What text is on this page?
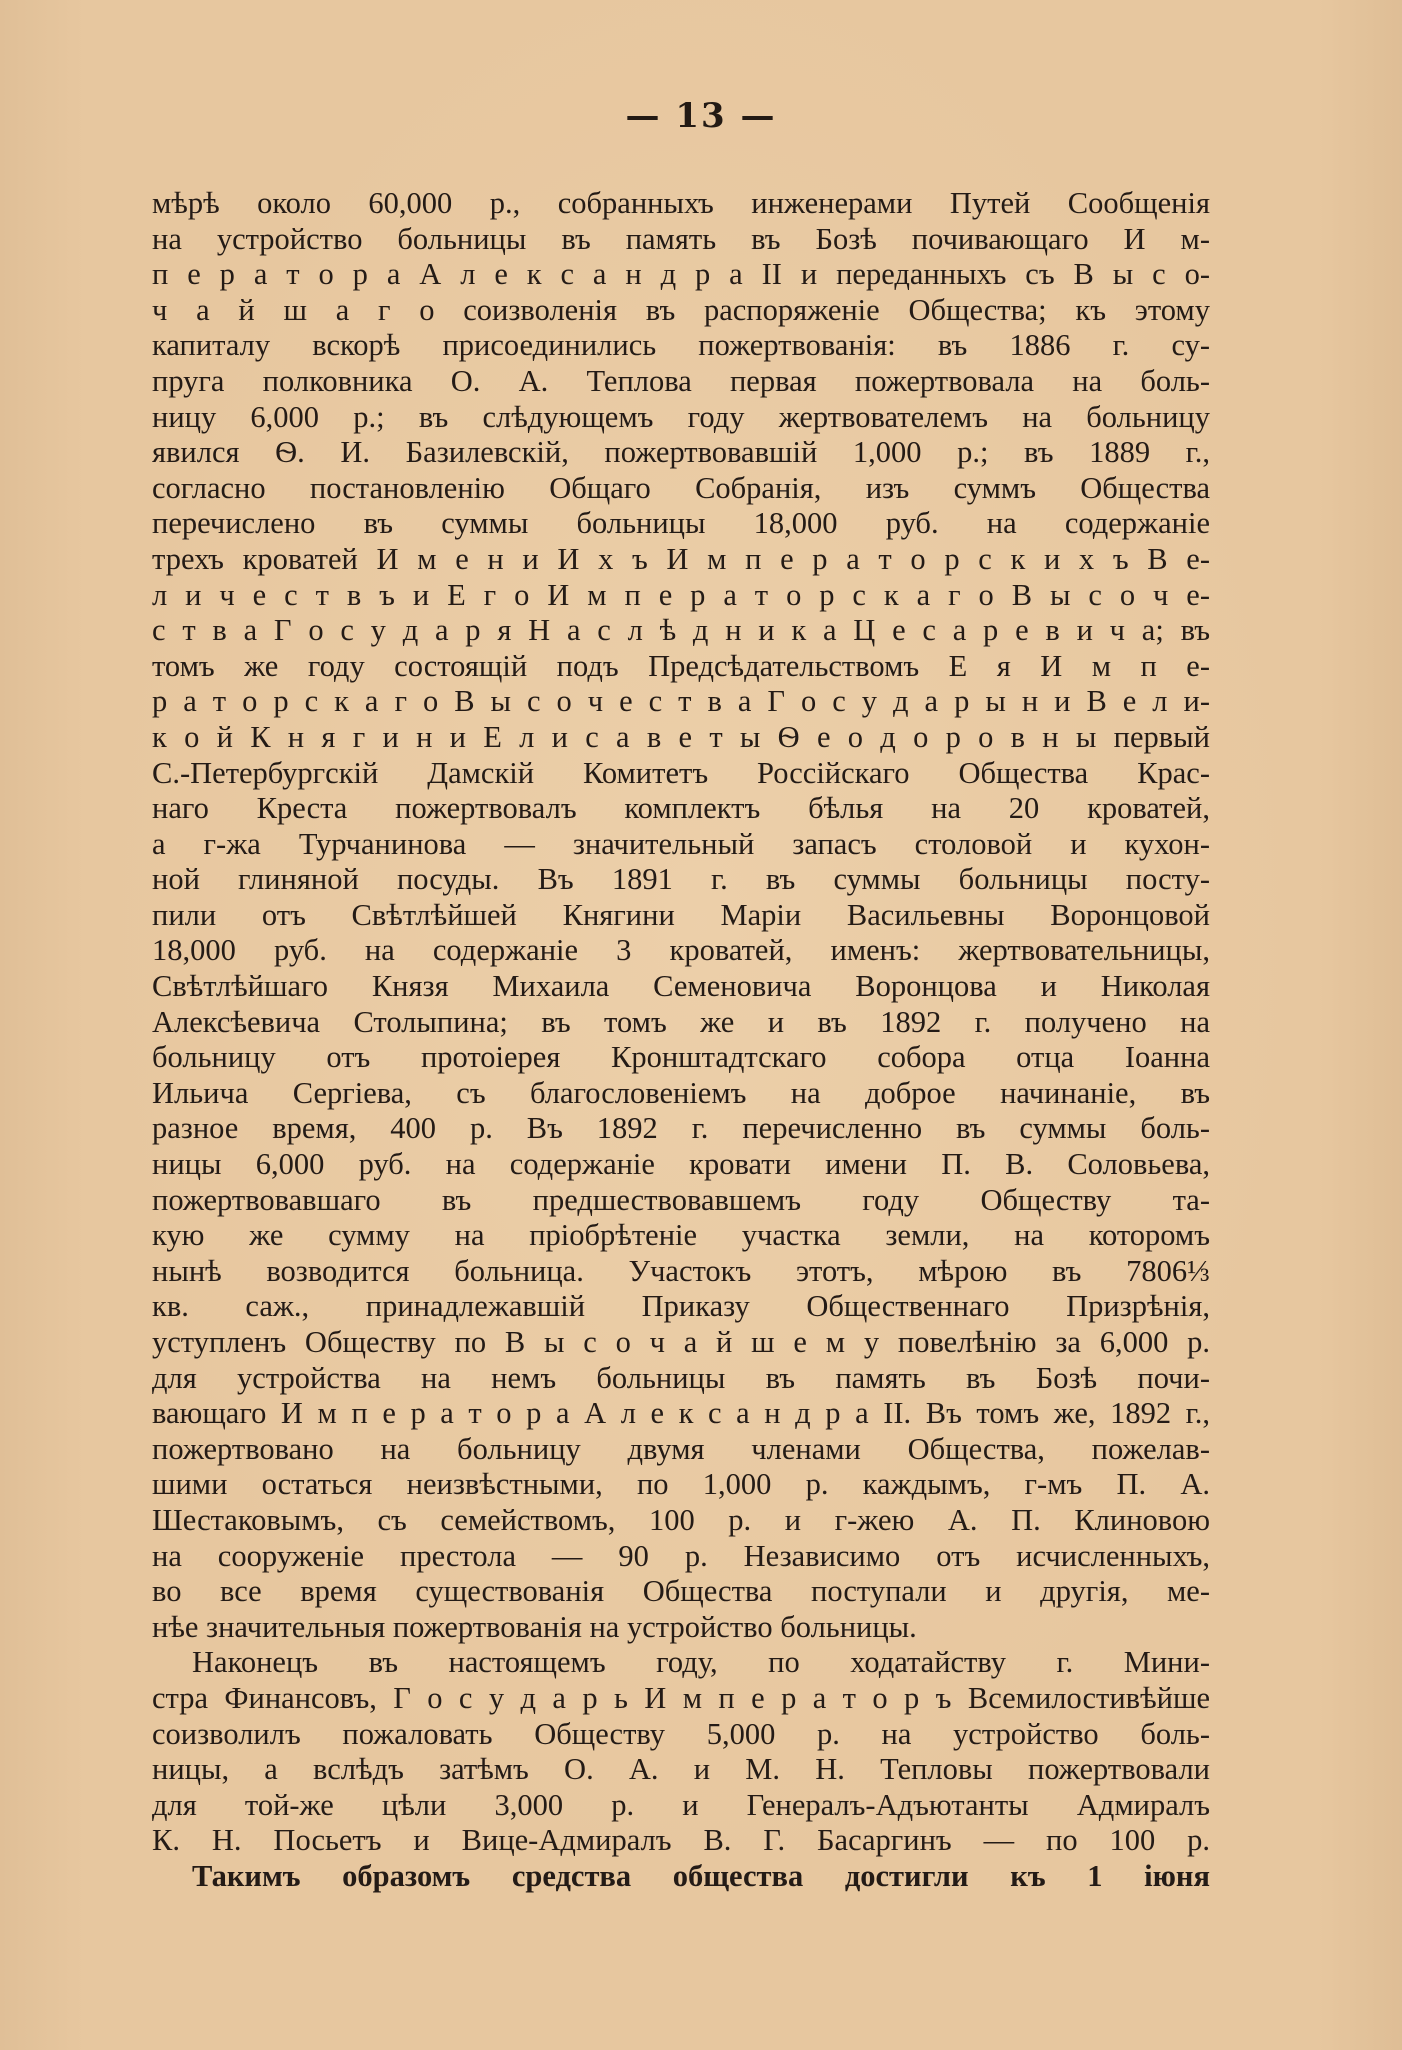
— 13 —
мѣрѣ около 60,000 р., собранныхъ инженерами Путей Сообщенія
на устройство больницы въ память въ Бозѣ почивающаго И м-
п е р а т о р а А л е к с а н д р а II и переданныхъ съ В ы с о-
ч а й ш а г о соизволенія въ распоряженіе Общества; къ этому
капиталу вскорѣ присоединились пожертвованія: въ 1886 г. су-
пруга полковника О. А. Теплова первая пожертвовала на боль-
ницу 6,000 р.; въ слѣдующемъ году жертвователемъ на больницу
явился Ѳ. И. Базилевскій, пожертвовавшій 1,000 р.; въ 1889 г.,
согласно постановленію Общаго Собранія, изъ суммъ Общества
перечислено въ суммы больницы 18,000 руб. на содержаніе
трехъ кроватей И м е н и И х ъ И м п е р а т о р с к и х ъ В е-
л и ч е с т в ъ и Е г о И м п е р а т о р с к а г о В ы с о ч е-
с т в а Г о с у д а р я Н а с л ѣ д н и к а Ц е с а р е в и ч а; въ
томъ же году состоящій подъ Предсѣдательствомъ Е я И м п е-
р а т о р с к а г о В ы с о ч е с т в а Г о с у д а р ы н и В е л и-
к о й К н я г и н и Е л и с а в е т ы Ѳ е о д о р о в н ы первый
С.-Петербургскій Дамскій Комитетъ Россійскаго Общества Крас-
наго Креста пожертвовалъ комплектъ бѣлья на 20 кроватей,
а г-жа Турчанинова — значительный запасъ столовой и кухон-
ной глиняной посуды. Въ 1891 г. въ суммы больницы посту-
пили отъ Свѣтлѣйшей Княгини Маріи Васильевны Воронцовой
18,000 руб. на содержаніе 3 кроватей, именъ: жертвовательницы,
Свѣтлѣйшаго Князя Михаила Семеновича Воронцова и Николая
Алексѣевича Столыпина; въ томъ же и въ 1892 г. получено на
больницу отъ протоіерея Кронштадтскаго собора отца Іоанна
Ильича Сергіева, съ благословеніемъ на доброе начинаніе, въ
разное время, 400 р. Въ 1892 г. перечисленно въ суммы боль-
ницы 6,000 руб. на содержаніе кровати имени П. В. Соловьева,
пожертвовавшаго въ предшествовавшемъ году Обществу та-
кую же сумму на пріобрѣтеніе участка земли, на которомъ
нынѣ возводится больница. Участокъ этотъ, мѣрою въ 7806⅓
кв. саж., принадлежавшій Приказу Общественнаго Призрѣнія,
уступленъ Обществу по В ы с о ч а й ш е м у повелѣнію за 6,000 р.
для устройства на немъ больницы въ память въ Бозѣ почи-
вающаго И м п е р а т о р а А л е к с а н д р а II. Въ томъ же, 1892 г.,
пожертвовано на больницу двумя членами Общества, пожелав-
шими остаться неизвѣстными, по 1,000 р. каждымъ, г-мъ П. А.
Шестаковымъ, съ семействомъ, 100 р. и г-жею А. П. Клиновою
на сооруженіе престола — 90 р. Независимо отъ исчисленныхъ,
во все время существованія Общества поступали и другія, ме-
нѣе значительныя пожертвованія на устройство больницы.
Наконецъ въ настоящемъ году, по ходатайству г. Мини-
стра Финансовъ, Г о с у д а р ь И м п е р а т о р ъ Всемилостивѣйше
соизволилъ пожаловать Обществу 5,000 р. на устройство боль-
ницы, а вслѣдъ затѣмъ О. А. и М. Н. Тепловы пожертвовали
для той-же цѣли 3,000 р. и Генералъ-Адъютанты Адмиралъ
К. Н. Посьетъ и Вице-Адмиралъ В. Г. Басаргинъ — по 100 р.
Такимъ образомъ средства общества достигли къ 1 іюня
